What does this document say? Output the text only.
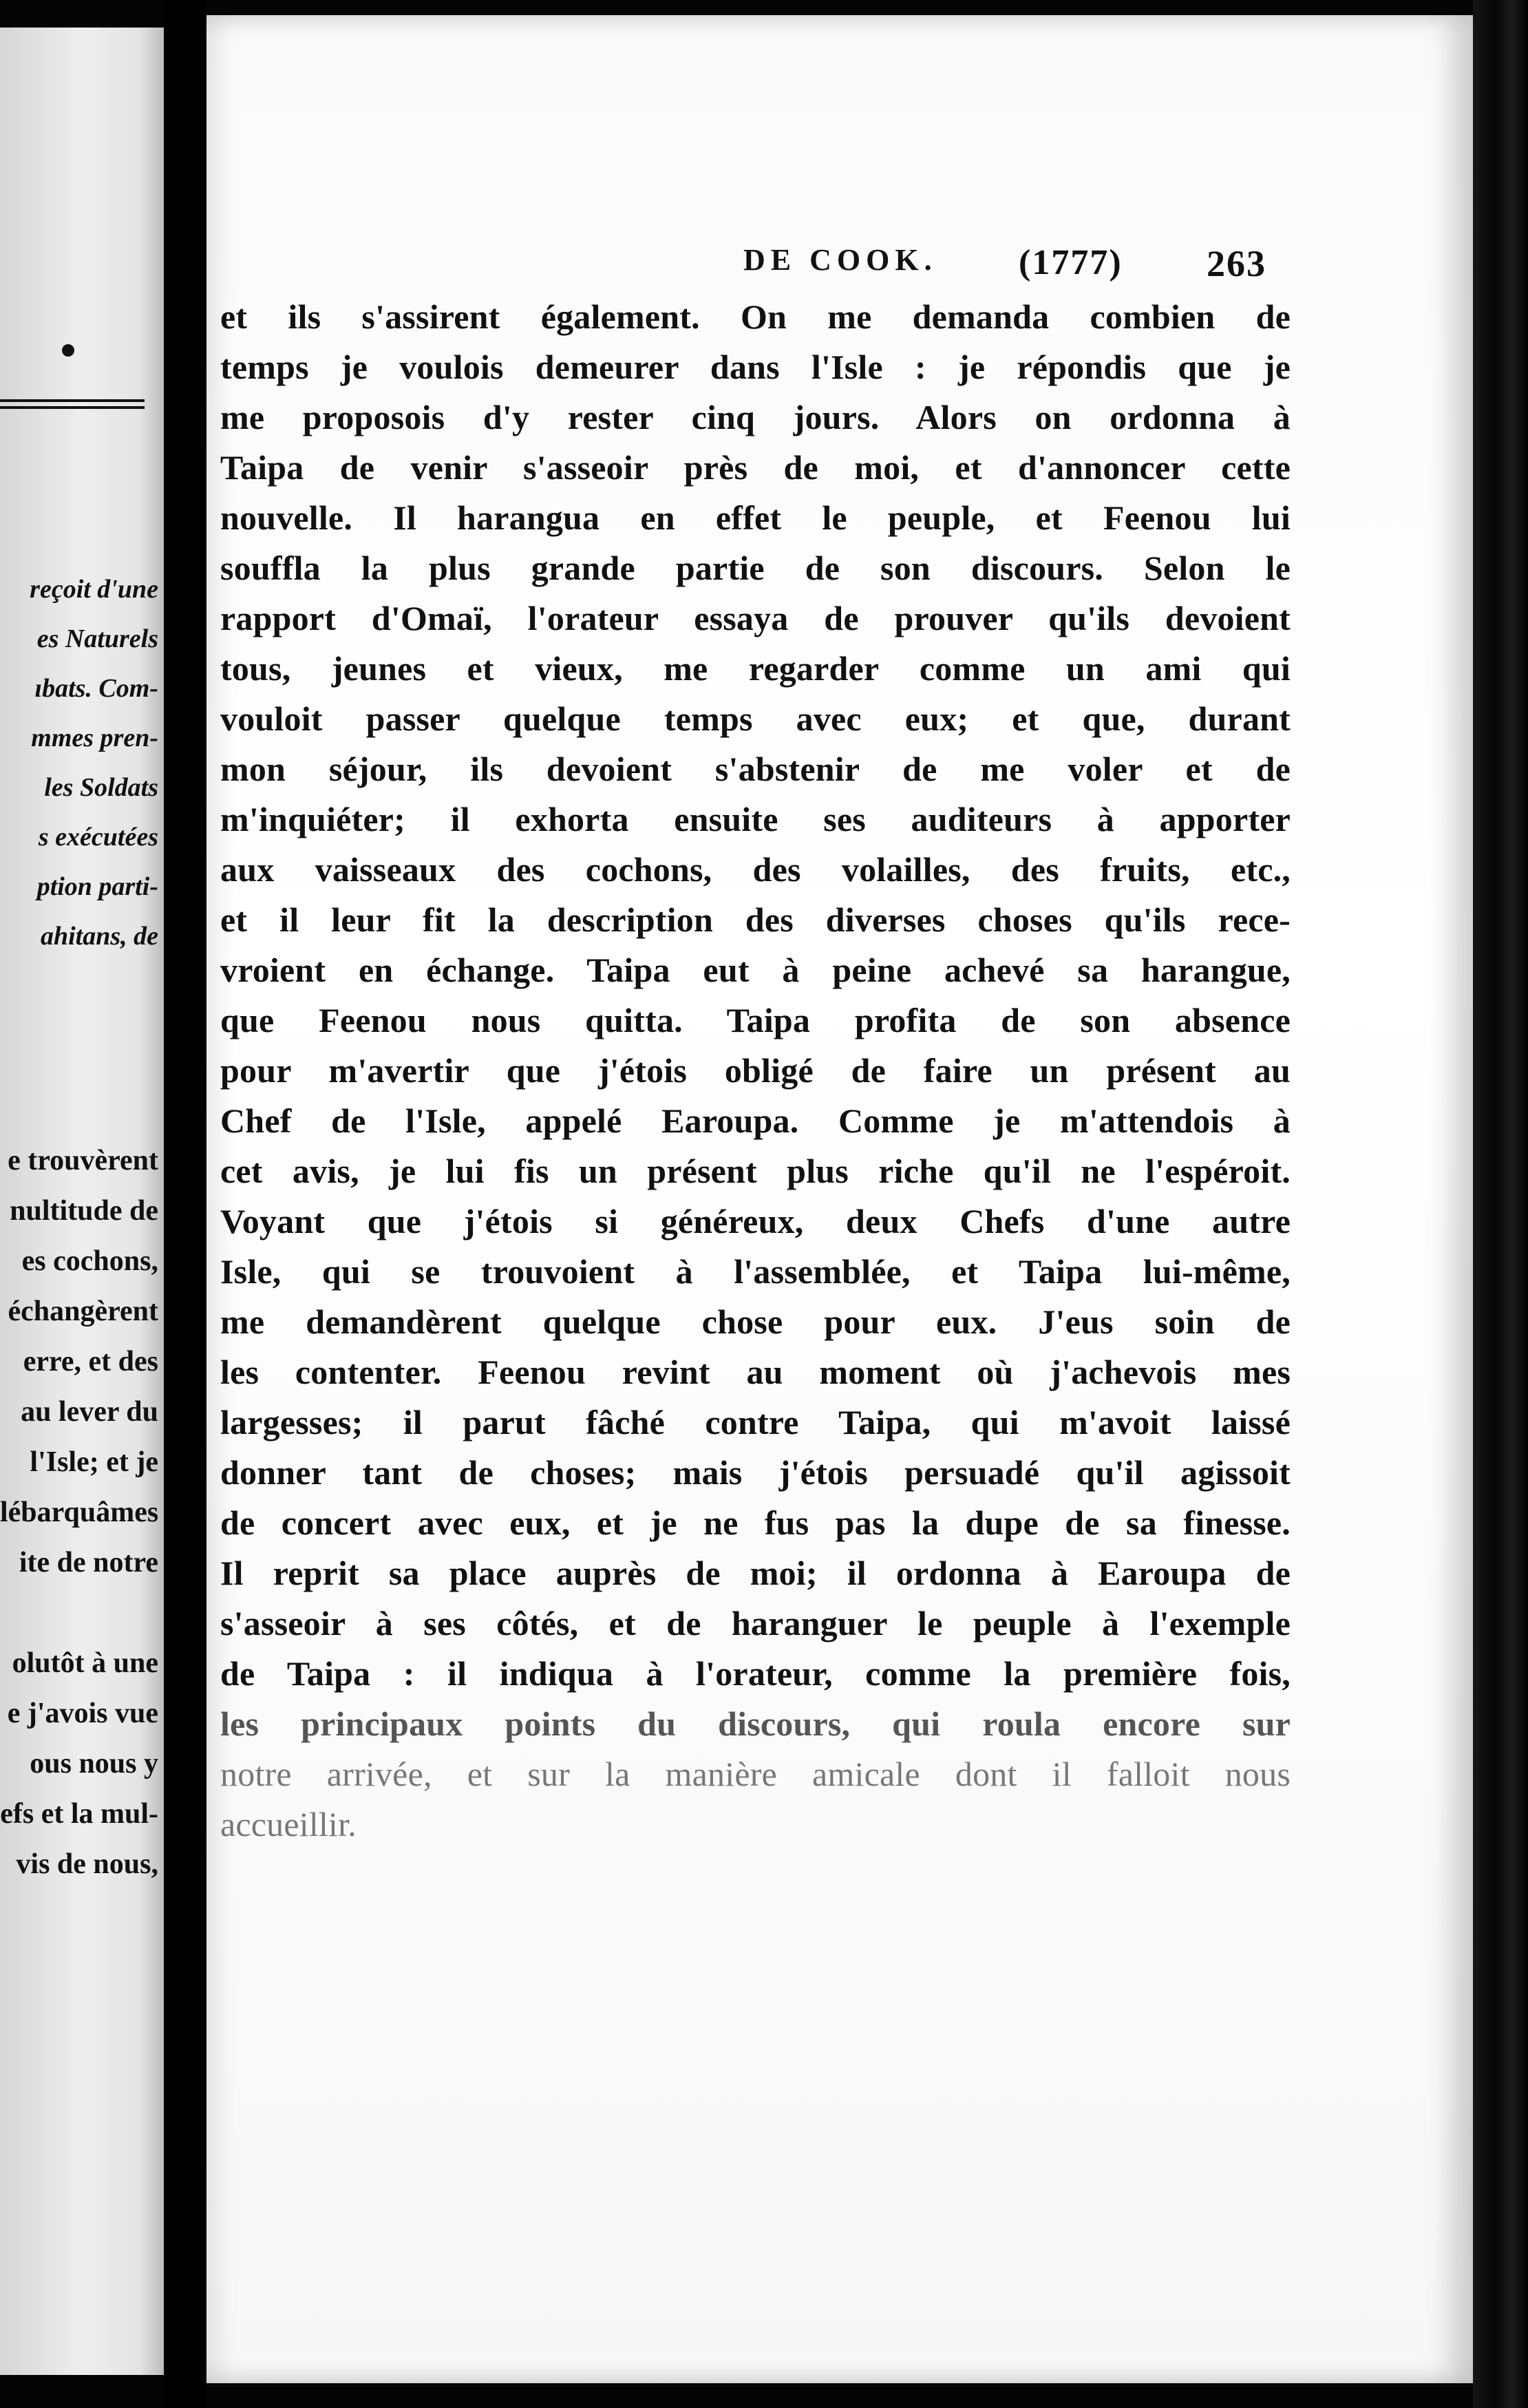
reçoit d'une
es Naturels
ıbats. Com-
mmes pren-
les Soldats
s exécutées
ption parti-
ahitans, de
e trouvèrent
nultitude de
es cochons,
échangèrent
erre, et des
au lever du
l'Isle; et je
lébarquâmes
ite de notre
olutôt à une
e j'avois vue
ous nous y
efs et la mul-
vis de nous,
DE COOK. (1777) 263
et ils s'assirent également. On me demanda combien de
temps je voulois demeurer dans l'Isle : je répondis que je
me proposois d'y rester cinq jours. Alors on ordonna à
Taipa de venir s'asseoir près de moi, et d'annoncer cette
nouvelle. Il harangua en effet le peuple, et Feenou lui
souffla la plus grande partie de son discours. Selon le
rapport d'Omaï, l'orateur essaya de prouver qu'ils devoient
tous, jeunes et vieux, me regarder comme un ami qui
vouloit passer quelque temps avec eux; et que, durant
mon séjour, ils devoient s'abstenir de me voler et de
m'inquiéter; il exhorta ensuite ses auditeurs à apporter
aux vaisseaux des cochons, des volailles, des fruits, etc.,
et il leur fit la description des diverses choses qu'ils rece-
vroient en échange. Taipa eut à peine achevé sa harangue,
que Feenou nous quitta. Taipa profita de son absence
pour m'avertir que j'étois obligé de faire un présent au
Chef de l'Isle, appelé Earoupa. Comme je m'attendois à
cet avis, je lui fis un présent plus riche qu'il ne l'espéroit.
Voyant que j'étois si généreux, deux Chefs d'une autre
Isle, qui se trouvoient à l'assemblée, et Taipa lui-même,
me demandèrent quelque chose pour eux. J'eus soin de
les contenter. Feenou revint au moment où j'achevois mes
largesses; il parut fâché contre Taipa, qui m'avoit laissé
donner tant de choses; mais j'étois persuadé qu'il agissoit
de concert avec eux, et je ne fus pas la dupe de sa finesse.
Il reprit sa place auprès de moi; il ordonna à Earoupa de
s'asseoir à ses côtés, et de haranguer le peuple à l'exemple
de Taipa : il indiqua à l'orateur, comme la première fois,
les principaux points du discours, qui roula encore sur
notre arrivée, et sur la manière amicale dont il falloit nous
accueillir.
